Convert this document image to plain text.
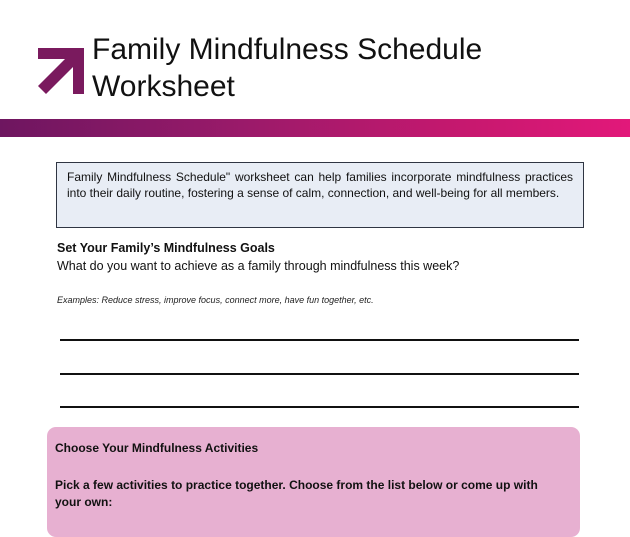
Family Mindfulness Schedule Worksheet
Family Mindfulness Schedule" worksheet can help families incorporate mindfulness practices into their daily routine, fostering a sense of calm, connection, and well-being for all members.
Set Your Family’s Mindfulness Goals
What do you want to achieve as a family through mindfulness this week?
Examples: Reduce stress, improve focus, connect more, have fun together, etc.
Choose Your Mindfulness Activities
Pick a few activities to practice together. Choose from the list below or come up with your own:
